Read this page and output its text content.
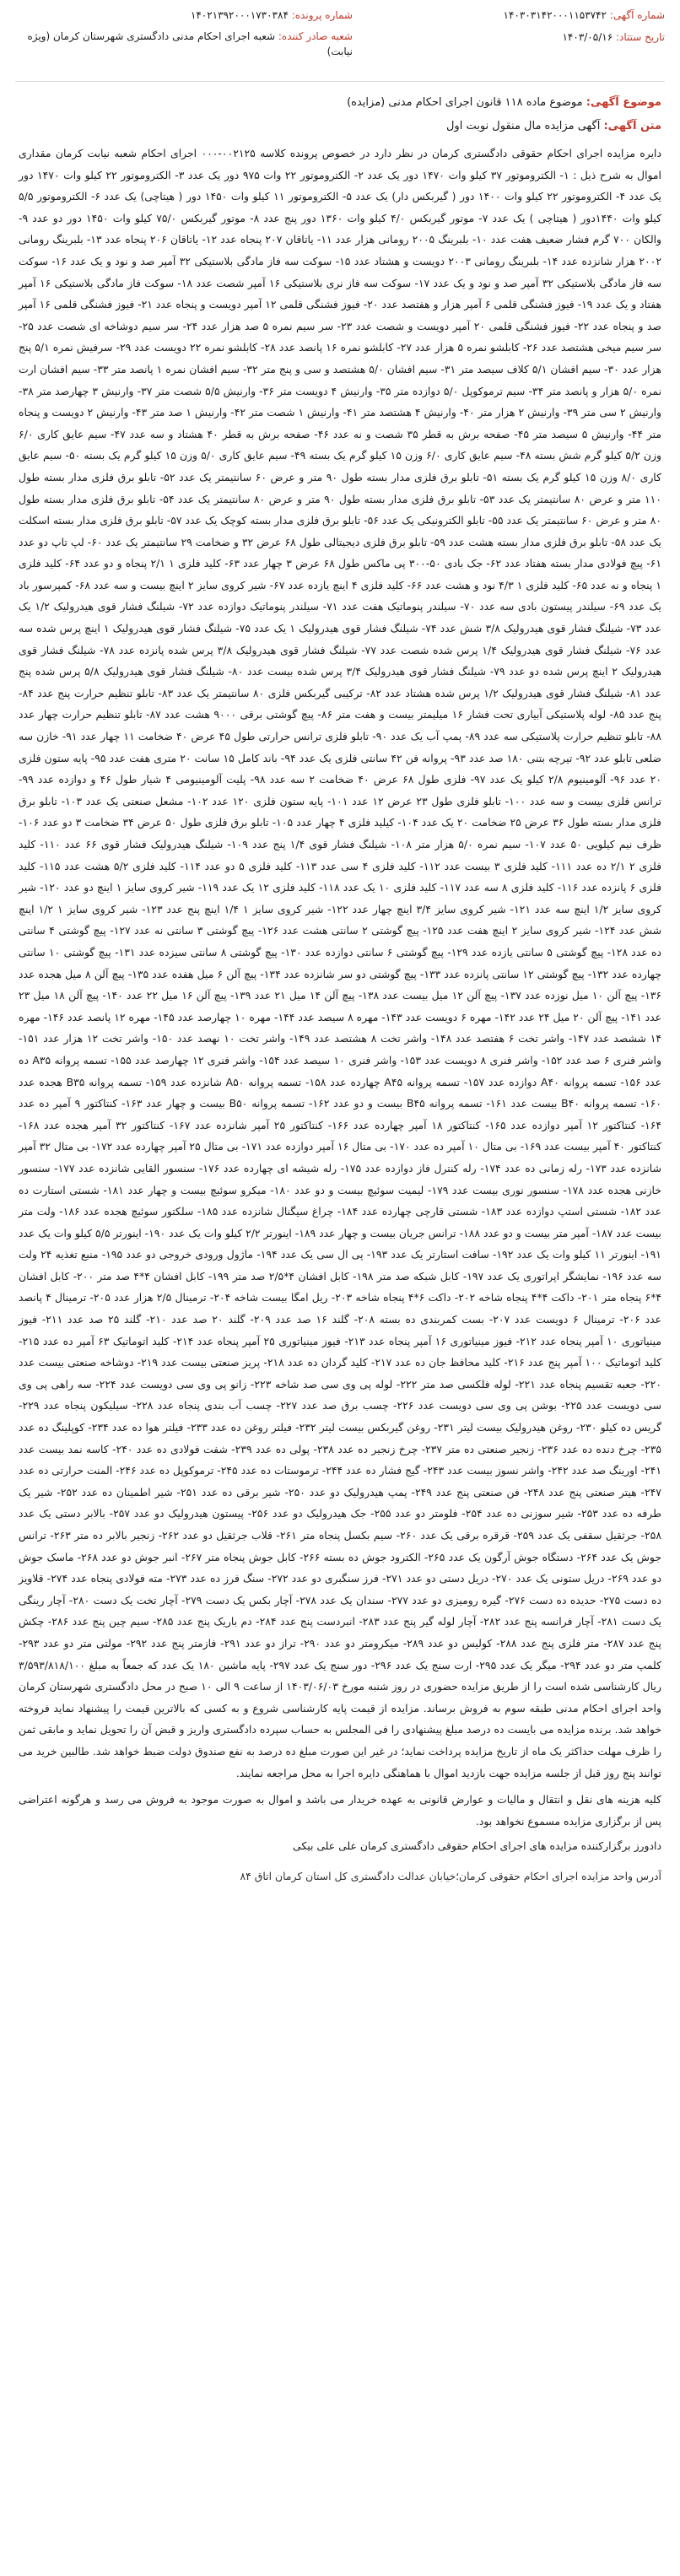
شماره آگهی: ۱۴۰۳۰۳۱۴۲۰۰۰۱۱۵۳۷۴۲
تاریخ ستتاد: ۱۴۰۳/۰۵/۱۶
شماره پرونده: ۱۴۰۲۱۳۹۲۰۰۰۱۷۳۰۳۸۴
شعبه صادر کننده: شعبه اجرای احکام مدنی دادگستری شهرستان کرمان (ویژه نیابت)
موضوع آگهی: موضوع ماده ۱۱۸ قانون اجرای احکام مدنی (مزایده)
متن آگهی: آگهی مزایده مال منقول نوبت اول
دایره مزایده اجرای احکام حقوقی دادگستری کرمان در نظر دارد در خصوص پرونده کلاسه ۰۰۲۱۲۵-۰۰۰ اجرای احکام شعبه نیابت کرمان مقداری اموال به شرح ذیل : ۱- الکتروموتور ۳۷ کیلو وات ۱۴۷۰ دور یک عدد ۲- الکتروموتور ۲۲ وات ۹۷۵ دور یک عدد ۳- الکتروموتور ۲۲ کیلو وات ۱۴۷۰ دور یک عدد ۴- الکتروموتور ۲۲ کیلو وات ۱۴۰۰ دور ( گیربکس دار) یک عدد ۵- الکتروموتور ۱۱ کیلو وات ۱۴۵۰ دور ( هیتاچی) یک عدد ۶- الکتروموتور ۵/۵ کیلو وات ۱۴۴۰دور ( هیتاچی ) یک عدد ۷- موتور گیربکس ۴/۰ کیلو وات ۱۳۶۰ دور پنج عدد ۸- موتور گیربکس ۷۵/۰ کیلو وات ۱۴۵۰ دور دو عدد ۹- والکان ۷۰۰ گرم فشار ضعیف هفت عدد ۱۰- بلبرینگ ۲۰۰۵ رومانی هزار عدد ۱۱- یاتاقان ۲۰۷ پنجاه عدد ۱۲- یاتاقان ۲۰۶ پنجاه عدد ۱۳- بلبرینگ رومانی ۲۰۰۲ هزار شانزده عدد ۱۴- بلبرینگ رومانی ۲۰۰۳ دویست و هشتاد عدد ۱۵- سوکت سه فاز مادگی بلاستیکی ۳۲ آمپر صد و نود و یک عدد ۱۶- سوکت سه فاز مادگی بلاستیکی ۳۲ آمپر صد و نود و یک عدد ۱۷- سوکت سه فاز نری بلاستیکی ۱۶ آمپر شصت عدد ۱۸- سوکت فاز مادگی بلاستیکی ۱۶ آمپر هفتاد و یک عدد ۱۹- فیوز فشنگی قلمی ۶ آمپر هزار و هفتصد عدد ۲۰- فیوز فشنگی قلمی ۱۲ آمپر دویست و پنجاه عدد ۲۱- فیوز فشنگی قلمی ۱۶ آمپر صد و پنجاه عدد ۲۲- فیوز فشنگی قلمی ۲۰ آمپر دویست و شصت عدد ۲۳- سر سیم نمره ۵ صد هزار عدد ۲۴- سر سیم دوشاخه ای شصت عدد ۲۵- سر سیم میخی هشتصد عدد ۲۶- کابلشو نمره ۵ هزار عدد ۲۷- کابلشو نمره ۱۶ پانصد عدد ۲۸- کابلشو نمره ۲۲ دویست عدد ۲۹- سرفیش نمره ۵/۱ پنج هزار عدد ۳۰- سیم افشان ۵/۱ کلاف سیصد متر ۳۱- سیم افشان ۵/۰ هشتصد و سی و پنج متر ۳۲- سیم افشان نمره ۱ پانصد متر ۳۳- سیم افشان ارت نمره ۵/۰ هزار و پانصد متر ۳۴- سیم ترموکوپل ۵/۰ دوازده متر ۳۵- وارنیش ۴ دویست متر ۳۶- وارنیش ۵/۵ شصت متر ۳۷- وارنیش ۳ چهارصد متر ۳۸- وارنیش ۲ سی متر ۳۹- وارنیش ۲ هزار متر ۴۰- وارنیش ۴ هشتصد متر ۴۱- وارنیش ۱ شصت متر ۴۲- وارنیش ۱ صد متر ۴۳- وارنیش ۲ دویست و پنجاه متر ۴۴- وارنیش ۵ سیصد متر ۴۵- صفحه برش به قطر ۳۵ شصت و نه عدد ۴۶- صفحه برش به قطر ۴۰ هشتاد و سه عدد ۴۷- سیم عایق کاری ۶/۰ وزن ۵/۲ کیلو گرم شش بسته ۴۸- سیم عایق کاری ۶/۰ وزن ۱۵ کیلو گرم یک بسته ۴۹- سیم عایق کاری ۵/۰ وزن ۱۵ کیلو گرم یک بسته ۵۰- سیم عایق کاری ۸/۰ وزن ۱۵ کیلو گرم یک بسته ۵۱- تابلو برق فلزی مدار بسته طول ۹۰ متر و عرض ۶۰ سانتیمتر یک عدد ۵۲- تابلو برق فلزی مدار بسته طول ۱۱۰ متر و عرض ۸۰ سانتیمتر یک عدد ۵۳- تابلو برق فلزی مدار بسته طول ۹۰ متر و عرض ۸۰ سانتیمتر یک عدد ۵۴- تابلو برق فلزی مدار بسته طول ۸۰ متر و عرض ۶۰ سانتیمتر یک عدد ۵۵- تابلو الکترونیکی یک عدد ۵۶- تابلو برق فلزی مدار بسته کوچک یک عدد ۵۷- تابلو برق فلزی مدار بسته اسکلت یک عدد ۵۸- تابلو برق فلزی مدار بسته هشت عدد ۵۹- تابلو برق فلزی دیجیتالی طول ۶۸ عرض ۳۲ و ضخامت ۲۹ سانتیمتر یک عدد ۶۰- لپ تاپ دو عدد ۶۱- پیچ فولادی مدار بسته هفتاد عدد ۶۲- جک بادی ۵۰-۳۰۰ پی ماکس طول ۶۸ عرض ۳ چهار عدد ۶۳- کلید فلزی ۱ ۲/۱ پنجاه و دو عدد ۶۴- کلید فلزی ۱ پنجاه و نه عدد ۶۵- کلید فلزی ۱ ۴/۳ نود و هشت عدد ۶۶- کلید فلزی ۴ اینچ یازده عدد ۶۷- شیر کروی سایز ۲ اینچ بیست و سه عدد ۶۸- کمپرسور باد یک عدد ۶۹- سیلندر پیستون بادی سه عدد ۷۰- سیلندر پنوماتیک هفت عدد ۷۱- سیلندر پنوماتیک دوازده عدد ۷۲- شیلنگ فشار قوی هیدرولیک ۱/۲ یک عدد ۷۳- شیلنگ فشار قوی هیدرولیک ۳/۸ شش عدد ۷۴- شیلنگ فشار قوی هیدرولیک ۱ یک عدد ۷۵- شیلنگ فشار قوی هیدرولیک ۱ اینچ پرس شده سه عدد ۷۶- شیلنگ فشار قوی هیدرولیک ۱/۴ پرس شده شصت عدد ۷۷- شیلنگ فشار قوی هیدرولیک ۳/۸ پرس شده پانزده عدد ۷۸- شیلنگ فشار قوی هیدرولیک ۲ اینچ پرس شده دو عدد ۷۹- شیلنگ فشار قوی هیدرولیک ۳/۴ پرس شده بیست عدد ۸۰- شیلنگ فشار قوی هیدرولیک ۵/۸ پرس شده پنج عدد ۸۱- شیلنگ فشار قوی هیدرولیک ۱/۲ پرس شده هشتاد عدد ۸۲- ترکیبی گیربکس فلزی ۸۰ سانتیمتر یک عدد ۸۳- تابلو تنظیم حرارت پنج عدد ۸۴- پنج عدد ۸۵- لوله پلاستیکی آبیاری تحت فشار ۱۶ میلیمتر بیست و هفت متر ۸۶- پیچ گوشتی برقی ۹۰۰۰ هشت عدد ۸۷- تابلو تنظیم حرارت چهار عدد ۸۸- تابلو تنظیم حرارت پلاستیکی سه عدد ۸۹- پمپ آب یک عدد ۹۰- تابلو فلزی ترانس حرارتی طول ۴۵ عرض ۴۰ ضخامت ۱۱ چهار عدد ۹۱- خازن سه ضلعی تابلو عدد ۹۲- تیرچه بتنی ۱۸۰ صد عدد ۹۳- پروانه فن ۴۲ سانتی فلزی یک عدد ۹۴- باند کامل ۱۵ سانت ۲۰ متری هفت عدد ۹۵- پایه ستون فلزی ۲۰ عدد ۹۶- آلومینیوم ۲/۸ کیلو یک عدد ۹۷- فلزی طول ۶۸ عرض ۴۰ ضخامت ۲ سه عدد ۹۸- پلیت آلومینیومی ۴ شیار طول ۴۶ و دوازده عدد ۹۹- ترانس فلزی بیست و سه عدد ۱۰۰- تابلو فلزی طول ۲۳ عرض ۱۲ عدد ۱۰۱- پایه ستون فلزی ۱۲۰ عدد ۱۰۲- مشعل صنعتی یک عدد ۱۰۳- تابلو برق فلزی مدار بسته طول ۳۶ عرض ۲۵ ضخامت ۲۰ یک عدد ۱۰۴- کیلید فلزی ۴ چهار عدد ۱۰۵- تابلو برق فلزی طول ۵۰ عرض ۳۴ ضخامت ۳ دو عدد ۱۰۶- ظرف نیم کیلویی ۵۰ عدد ۱۰۷- سیم نمره ۵/۰ هزار متر ۱۰۸- شیلنگ فشار قوی ۱/۴ پنج عدد ۱۰۹- شیلنگ هیدرولیک فشار قوی ۶۶ عدد ۱۱۰- کلید فلزی ۲ ۲/۱ ده عدد ۱۱۱- کلید فلزی ۳ بیست عدد ۱۱۲- کلید فلزی ۴ سی عدد ۱۱۳- کلید فلزی ۵ دو عدد ۱۱۴- کلید فلزی ۵/۲ هشت عدد ۱۱۵- کلید فلزی ۶ پانزده عدد ۱۱۶- کلید فلزی ۸ سه عدد ۱۱۷- کلید فلزی ۱۰ یک عدد ۱۱۸- کلید فلزی ۱۲ یک عدد ۱۱۹- شیر کروی سایز ۱ اینچ دو عدد ۱۲۰- شیر کروی سایز ۱/۲ اینچ سه عدد ۱۲۱- شیر کروی سایز ۳/۴ اینچ چهار عدد ۱۲۲- شیر کروی سایز ۱ ۱/۴ اینچ پنج عدد ۱۲۳- شیر کروی سایز ۱ ۱/۲ اینچ شش عدد ۱۲۴- شیر کروی سایز ۲ اینچ هفت عدد ۱۲۵- پیچ گوشتی ۲ سانتی هشت عدد ۱۲۶- پیچ گوشتی ۳ سانتی نه عدد ۱۲۷- پیچ گوشتی ۴ سانتی ده عدد ۱۲۸- پیچ گوشتی ۵ سانتی یازده عدد ۱۲۹- پیچ گوشتی ۶ سانتی دوازده عدد ۱۳۰- پیچ گوشتی ۸ سانتی سیزده عدد ۱۳۱- پیچ گوشتی ۱۰ سانتی چهارده عدد ۱۳۲- پیچ گوشتی ۱۲ سانتی پانزده عدد ۱۳۳- پیچ گوشتی دو سر شانزده عدد ۱۳۴- پیچ آلن ۶ میل هفده عدد ۱۳۵- پیچ آلن ۸ میل هجده عدد ۱۳۶- پیچ آلن ۱۰ میل نوزده عدد ۱۳۷- پیچ آلن ۱۲ میل بیست عدد ۱۳۸- پیچ آلن ۱۴ میل ۲۱ عدد ۱۳۹- پیچ آلن ۱۶ میل ۲۲ عدد ۱۴۰- پیچ آلن ۱۸ میل ۲۳ عدد ۱۴۱- پیچ آلن ۲۰ میل ۲۴ عدد ۱۴۲- مهره ۶ دویست عدد ۱۴۳- مهره ۸ سیصد عدد ۱۴۴- مهره ۱۰ چهارصد عدد ۱۴۵- مهره ۱۲ پانصد عدد ۱۴۶- مهره ۱۴ ششصد عدد ۱۴۷- واشر تخت ۶ هفتصد عدد ۱۴۸- واشر تخت ۸ هشتصد عدد ۱۴۹- واشر تخت ۱۰ نهصد عدد ۱۵۰- واشر تخت ۱۲ هزار عدد ۱۵۱- واشر فنری ۶ صد عدد ۱۵۲- واشر فنری ۸ دویست عدد ۱۵۳- واشر فنری ۱۰ سیصد عدد ۱۵۴- واشر فنری ۱۲ چهارصد عدد ۱۵۵- تسمه پروانه A۳۵ ده عدد ۱۵۶- تسمه پروانه A۴۰ دوازده عدد ۱۵۷- تسمه پروانه A۴۵ چهارده عدد ۱۵۸- تسمه پروانه A۵۰ شانزده عدد ۱۵۹- تسمه پروانه B۳۵ هجده عدد ۱۶۰- تسمه پروانه B۴۰ بیست عدد ۱۶۱- تسمه پروانه B۴۵ بیست و دو عدد ۱۶۲- تسمه پروانه B۵۰ بیست و چهار عدد ۱۶۳- کنتاکتور ۹ آمپر ده عدد ۱۶۴- کنتاکتور ۱۲ آمپر دوازده عدد ۱۶۵- کنتاکتور ۱۸ آمپر چهارده عدد ۱۶۶- کنتاکتور ۲۵ آمپر شانزده عدد ۱۶۷- کنتاکتور ۳۲ آمپر هجده عدد ۱۶۸- کنتاکتور ۴۰ آمپر بیست عدد ۱۶۹- بی متال ۱۰ آمپر ده عدد ۱۷۰- بی متال ۱۶ آمپر دوازده عدد ۱۷۱- بی متال ۲۵ آمپر چهارده عدد ۱۷۲- بی متال ۳۲ آمپر شانزده عدد ۱۷۳- رله زمانی ده عدد ۱۷۴- رله کنترل فاز دوازده عدد ۱۷۵- رله شیشه ای چهارده عدد ۱۷۶- سنسور القایی شانزده عدد ۱۷۷- سنسور خازنی هجده عدد ۱۷۸- سنسور نوری بیست عدد ۱۷۹- لیمیت سوئیچ بیست و دو عدد ۱۸۰- میکرو سوئیچ بیست و چهار عدد ۱۸۱- شستی استارت ده عدد ۱۸۲- شستی استپ دوازده عدد ۱۸۳- شستی قارچی چهارده عدد ۱۸۴- چراغ سیگنال شانزده عدد ۱۸۵- سلکتور سوئیچ هجده عدد ۱۸۶- ولت متر بیست عدد ۱۸۷- آمپر متر بیست و دو عدد ۱۸۸- ترانس جریان بیست و چهار عدد ۱۸۹- اینورتر ۲/۲ کیلو وات یک عدد ۱۹۰- اینورتر ۵/۵ کیلو وات یک عدد ۱۹۱- اینورتر ۱۱ کیلو وات یک عدد ۱۹۲- سافت استارتر یک عدد ۱۹۳- پی ال سی یک عدد ۱۹۴- ماژول ورودی خروجی دو عدد ۱۹۵- منبع تغذیه ۲۴ ولت سه عدد ۱۹۶- نمایشگر اپراتوری یک عدد ۱۹۷- کابل شبکه صد متر ۱۹۸- کابل افشان ۴*۲/۵ صد متر ۱۹۹- کابل افشان ۴*۴ صد متر ۲۰۰- کابل افشان ۴*۶ پنجاه متر ۲۰۱- داکت ۴*۴ پنجاه شاخه ۲۰۲- داکت ۶*۴ پنجاه شاخه ۲۰۳- ریل امگا بیست شاخه ۲۰۴- ترمینال ۲/۵ هزار عدد ۲۰۵- ترمینال ۴ پانصد عدد ۲۰۶- ترمینال ۶ دویست عدد ۲۰۷- بست کمربندی ده بسته ۲۰۸- گلند ۱۶ صد عدد ۲۰۹- گلند ۲۰ صد عدد ۲۱۰- گلند ۲۵ صد عدد ۲۱۱- فیوز مینیاتوری ۱۰ آمپر پنجاه عدد ۲۱۲- فیوز مینیاتوری ۱۶ آمپر پنجاه عدد ۲۱۳- فیوز مینیاتوری ۲۵ آمپر پنجاه عدد ۲۱۴- کلید اتوماتیک ۶۳ آمپر ده عدد ۲۱۵- کلید اتوماتیک ۱۰۰ آمپر پنج عدد ۲۱۶- کلید محافظ جان ده عدد ۲۱۷- کلید گردان ده عدد ۲۱۸- پریز صنعتی بیست عدد ۲۱۹- دوشاخه صنعتی بیست عدد ۲۲۰- جعبه تقسیم پنجاه عدد ۲۲۱- لوله فلکسی صد متر ۲۲۲- لوله پی وی سی صد شاخه ۲۲۳- زانو پی وی سی دویست عدد ۲۲۴- سه راهی پی وی سی دویست عدد ۲۲۵- بوشن پی وی سی دویست عدد ۲۲۶- چسب برق صد عدد ۲۲۷- چسب آب بندی پنجاه عدد ۲۲۸- سیلیکون پنجاه عدد ۲۲۹- گریس ده کیلو ۲۳۰- روغن هیدرولیک بیست لیتر ۲۳۱- روغن گیربکس بیست لیتر ۲۳۲- فیلتر روغن ده عدد ۲۳۳- فیلتر هوا ده عدد ۲۳۴- کوپلینگ ده عدد ۲۳۵- چرخ دنده ده عدد ۲۳۶- زنجیر صنعتی ده متر ۲۳۷- چرخ زنجیر ده عدد ۲۳۸- پولی ده عدد ۲۳۹- شفت فولادی ده عدد ۲۴۰- کاسه نمد بیست عدد ۲۴۱- اورینگ صد عدد ۲۴۲- واشر نسوز بیست عدد ۲۴۳- گیج فشار ده عدد ۲۴۴- ترموستات ده عدد ۲۴۵- ترموکوپل ده عدد ۲۴۶- المنت حرارتی ده عدد ۲۴۷- هیتر صنعتی پنج عدد ۲۴۸- فن صنعتی پنج عدد ۲۴۹- پمپ هیدرولیک دو عدد ۲۵۰- شیر برقی ده عدد ۲۵۱- شیر اطمینان ده عدد ۲۵۲- شیر یک طرفه ده عدد ۲۵۳- شیر سوزنی ده عدد ۲۵۴- فلومتر دو عدد ۲۵۵- جک هیدرولیک دو عدد ۲۵۶- پیستون هیدرولیک دو عدد ۲۵۷- بالابر دستی یک عدد ۲۵۸- جرثقیل سقفی یک عدد ۲۵۹- قرقره برقی یک عدد ۲۶۰- سیم بکسل پنجاه متر ۲۶۱- قلاب جرثقیل دو عدد ۲۶۲- زنجیر بالابر ده متر ۲۶۳- ترانس جوش یک عدد ۲۶۴- دستگاه جوش آرگون یک عدد ۲۶۵- الکترود جوش ده بسته ۲۶۶- کابل جوش پنجاه متر ۲۶۷- انبر جوش دو عدد ۲۶۸- ماسک جوش دو عدد ۲۶۹- دریل ستونی یک عدد ۲۷۰- دریل دستی دو عدد ۲۷۱- فرز سنگبری دو عدد ۲۷۲- سنگ فرز ده عدد ۲۷۳- مته فولادی پنجاه عدد ۲۷۴- قلاویز ده دست ۲۷۵- حدیده ده دست ۲۷۶- گیره رومیزی دو عدد ۲۷۷- سندان یک عدد ۲۷۸- آچار بکس یک دست ۲۷۹- آچار تخت یک دست ۲۸۰- آچار رینگی یک دست ۲۸۱- آچار فرانسه پنج عدد ۲۸۲- آچار لوله گیر پنج عدد ۲۸۳- انبردست پنج عدد ۲۸۴- دم باریک پنج عدد ۲۸۵- سیم چین پنج عدد ۲۸۶- چکش پنج عدد ۲۸۷- متر فلزی پنج عدد ۲۸۸- کولیس دو عدد ۲۸۹- میکرومتر دو عدد ۲۹۰- تراز دو عدد ۲۹۱- فازمتر پنج عدد ۲۹۲- مولتی متر دو عدد ۲۹۳- کلمپ متر دو عدد ۲۹۴- میگر یک عدد ۲۹۵- ارت سنج یک عدد ۲۹۶- دور سنج یک عدد ۲۹۷- پایه ماشین ۱۸۰ یک عدد که جمعاً به مبلغ ۳/۵۹۳/۸۱۸/۱۰۰ ریال کارشناسی شده است را از طریق مزایده حضوری در روز شنبه مورخ ۱۴۰۳/۰۶/۰۳ از ساعت ۹ الی ۱۰ صبح در محل دادگستری شهرستان کرمان واحد اجرای احکام مدنی طبقه سوم به فروش برساند. مزایده از قیمت پایه کارشناسی شروع و به کسی که بالاترین قیمت را پیشنهاد نماید فروخته خواهد شد. برنده مزایده می بایست ده درصد مبلغ پیشنهادی را فی المجلس به حساب سپرده دادگستری واریز و قبض آن را تحویل نماید و مابقی ثمن را ظرف مهلت حداکثر یک ماه از تاریخ مزایده پرداخت نماید؛ در غیر این صورت مبلغ ده درصد به نفع صندوق دولت ضبط خواهد شد. طالبین خرید می توانند پنج روز قبل از جلسه مزایده جهت بازدید اموال با هماهنگی دایره اجرا به محل مراجعه نمایند.
کلیه هزینه های نقل و انتقال و مالیات و عوارض قانونی به عهده خریدار می باشد و اموال به صورت موجود به فروش می رسد و هرگونه اعتراضی پس از برگزاری مزایده مسموع نخواهد بود.
دادورز برگزارکننده مزایده های اجرای احکام حقوقی دادگستری کرمان علی علی بیکی
آدرس واحد مزایده اجرای احکام حقوقی کرمان؛خیابان عدالت دادگستری کل استان کرمان اتاق ۸۴
